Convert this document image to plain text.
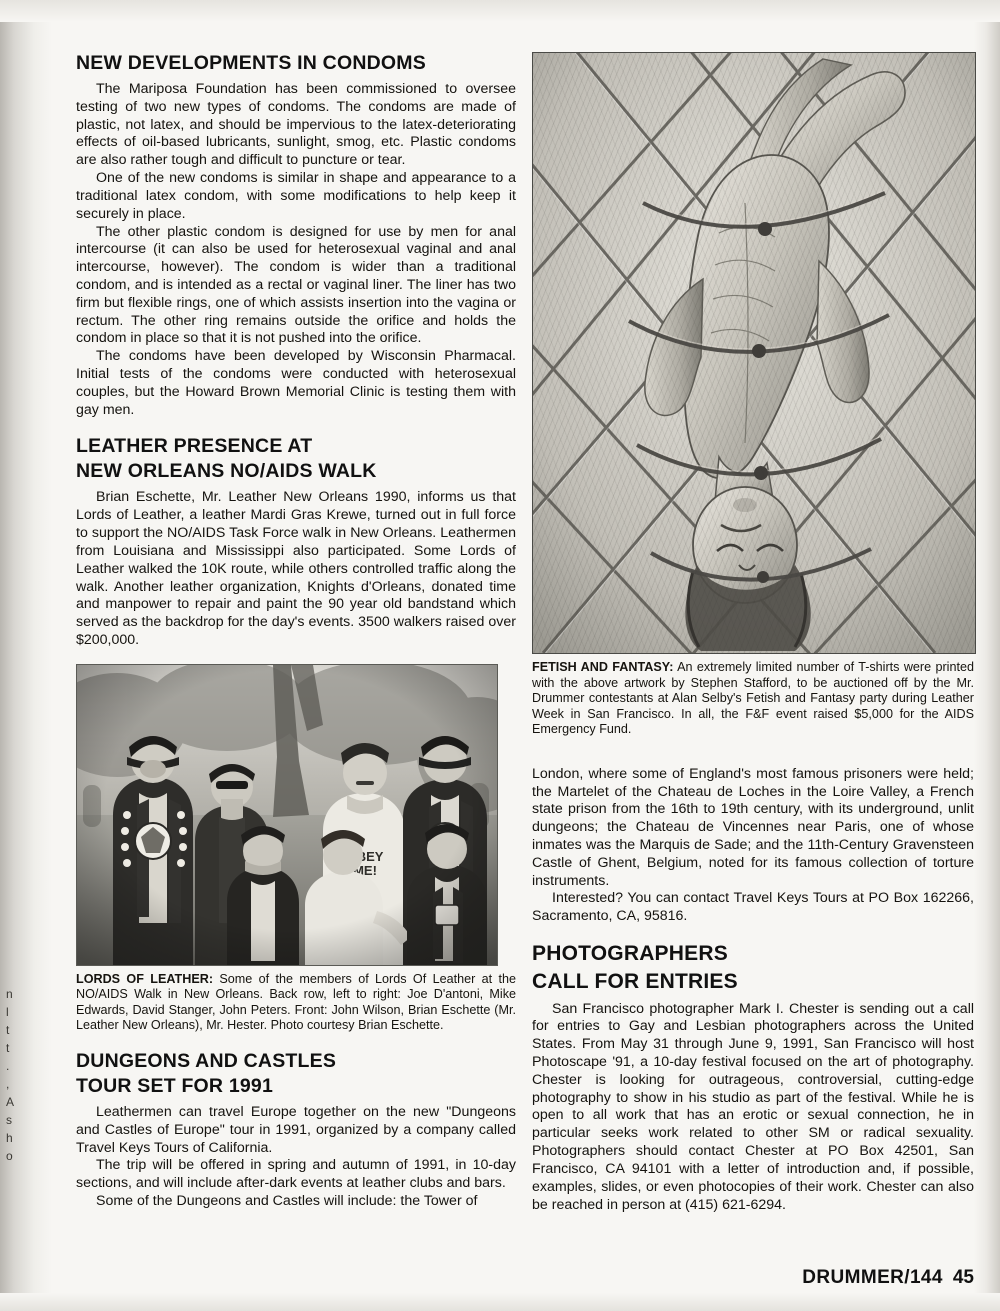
n
l
t
t
.
,
A
s
h
o
NEW DEVELOPMENTS IN CONDOMS

The Mariposa Foundation has been commissioned to oversee testing of two new types of condoms. The condoms are made of plastic, not latex, and should be impervious to the latex-deteriorating effects of oil-based lubricants, sunlight, smog, etc. Plastic condoms are also rather tough and difficult to puncture or tear.

One of the new condoms is similar in shape and appearance to a traditional latex condom, with some modifications to help keep it securely in place.

The other plastic condom is designed for use by men for anal intercourse (it can also be used for heterosexual vaginal and anal intercourse, however). The condom is wider than a traditional condom, and is intended as a rectal or vaginal liner. The liner has two firm but flexible rings, one of which assists insertion into the vagina or rectum. The other ring remains outside the orifice and holds the condom in place so that it is not pushed into the orifice.

The condoms have been developed by Wisconsin Pharmacal. Initial tests of the condoms were conducted with heterosexual couples, but the Howard Brown Memorial Clinic is testing them with gay men.

LEATHER PRESENCE AT
NEW ORLEANS NO/AIDS WALK

Brian Eschette, Mr. Leather New Orleans 1990, informs us that Lords of Leather, a leather Mardi Gras Krewe, turned out in full force to support the NO/AIDS Task Force walk in New Orleans. Leathermen from Louisiana and Mississippi also participated. Some Lords of Leather walked the 10K route, while others controlled traffic along the walk. Another leather organization, Knights d'Orleans, donated time and manpower to repair and paint the 90 year old bandstand which served as the backdrop for the day's events. 3500 walkers raised over $200,000.

LORDS OF LEATHER: Some of the members of Lords Of Leather at the NO/AIDS Walk in New Orleans. Back row, left to right: Joe D'antoni, Mike Edwards, David Stanger, John Peters. Front: John Wilson, Brian Eschette (Mr. Leather New Orleans), Mr. Hester. Photo courtesy Brian Eschette.

DUNGEONS AND CASTLES
TOUR SET FOR 1991

Leathermen can travel Europe together on the new "Dungeons and Castles of Europe" tour in 1991, organized by a company called Travel Keys Tours of California.

The trip will be offered in spring and autumn of 1991, in 10-day sections, and will include after-dark events at leather clubs and bars.

Some of the Dungeons and Castles will include: the Tower of

FETISH AND FANTASY: An extremely limited number of T-shirts were printed with the above artwork by Stephen Stafford, to be auctioned off by the Mr. Drummer contestants at Alan Selby's Fetish and Fantasy party during Leather Week in San Francisco. In all, the F&F event raised $5,000 for the AIDS Emergency Fund.

London, where some of England's most famous prisoners were held; the Martelet of the Chateau de Loches in the Loire Valley, a French state prison from the 16th to 19th century, with its underground, unlit dungeons; the Chateau de Vincennes near Paris, one of whose inmates was the Marquis de Sade; and the 11th-Century Gravensteen Castle of Ghent, Belgium, noted for its famous collection of torture instruments.

Interested? You can contact Travel Keys Tours at PO Box 162266, Sacramento, CA, 95816.

PHOTOGRAPHERS
CALL FOR ENTRIES

San Francisco photographer Mark I. Chester is sending out a call for entries to Gay and Lesbian photographers across the United States. From May 31 through June 9, 1991, San Francisco will host Photoscape '91, a 10-day festival focused on the art of photography. Chester is looking for outrageous, controversial, cutting-edge photography to show in his studio as part of the festival. While he is open to all work that has an erotic or sexual connection, he in particular seeks work related to other SM or radical sexuality. Photographers should contact Chester at PO Box 42501, San Francisco, CA 94101 with a letter of introduction and, if possible, examples, slides, or even photocopies of their work. Chester can also be reached in person at (415) 621-6294.

DRUMMER/144 45
